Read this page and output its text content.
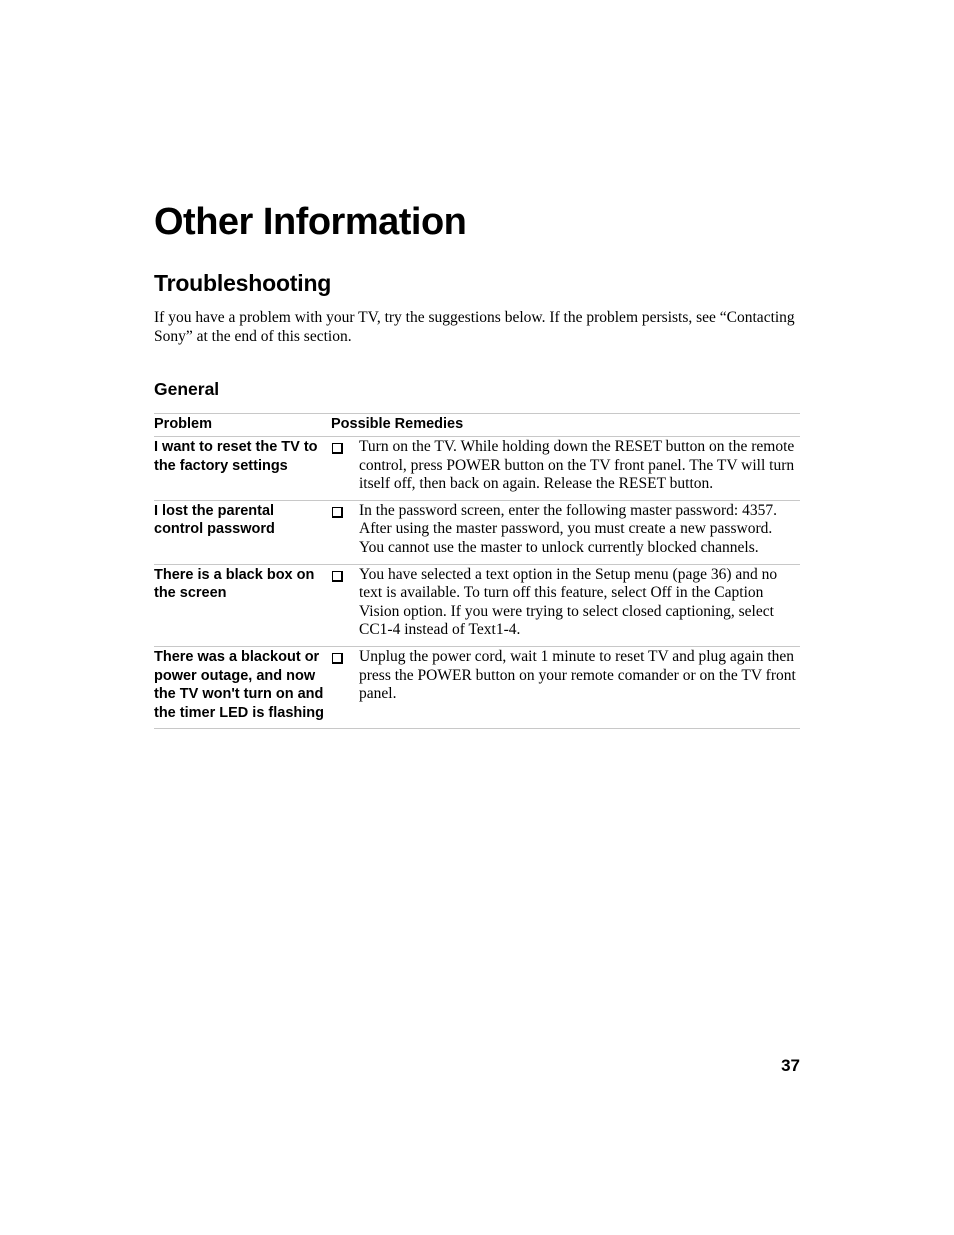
Other Information
Troubleshooting

If you have a problem with your TV, try the suggestions below. If the problem persists, see “Contacting Sony” at the end of this section.

General
Problem	Possible Remedies	
I want to reset the TV to the factory settings		Turn on the TV. While holding down the RESET button on the remote control, press POWER button on the TV front panel. The TV will turn itself off, then back on again. Release the RESET button.
I lost the parental control password		In the password screen, enter the following master password: 4357. After using the master password, you must create a new password. You cannot use the master to unlock currently blocked channels.
There is a black box on the screen		You have selected a text option in the Setup menu (page 36) and no text is available. To turn off this feature, select Off in the Caption Vision option. If you were trying to select closed captioning, select CC1-4 instead of Text1-4.
There was a blackout or power outage, and now the TV won't turn on and the timer LED is flashing		Unplug the power cord, wait 1 minute to reset TV and plug again then press the POWER button on your remote comander or on the TV front panel.
37
